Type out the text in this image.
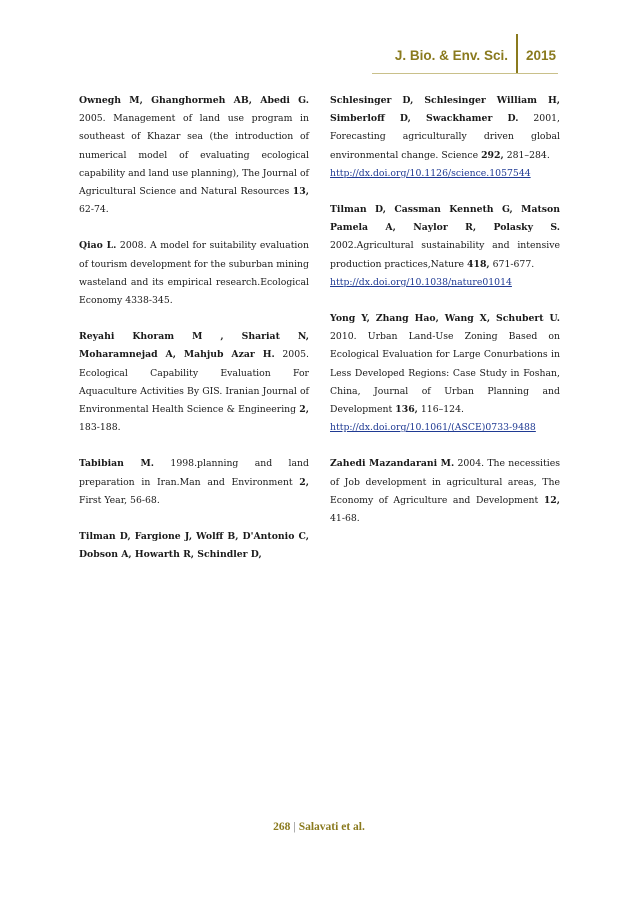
J. Bio. & Env. Sci.	2015

Ownegh M, Ghanghormeh AB, Abedi G. 2005. Management of land use program in southeast of Khazar sea (the introduction of numerical model of evaluating ecological capability and land use planning), The Journal of Agricultural Science and Natural Resources 13, 62-74.

Qiao L. 2008. A model for suitability evaluation of tourism development for the suburban mining wasteland and its empirical research.Ecological Economy 4338-345.

Reyahi Khoram M , Shariat N, Moharamnejad A, Mahjub Azar H. 2005. Ecological Capability Evaluation For Aquaculture Activities By GIS. Iranian Journal of Environmental Health Science & Engineering 2, 183-188.

Tabibian M. 1998.planning and land preparation in Iran.Man and Environment 2, First Year, 56-68.

Tilman D, Fargione J, Wolff B, D'Antonio C, Dobson A, Howarth R, Schindler D,

Schlesinger D, Schlesinger William H, Simberloff D, Swackhamer D. 2001, Forecasting agriculturally driven global environmental change. Science 292, 281–284.
http://dx.doi.org/10.1126/science.1057544

Tilman D, Cassman Kenneth G, Matson Pamela A, Naylor R, Polasky S. 2002.Agricultural sustainability and intensive production practices,Nature 418, 671-677.
http://dx.doi.org/10.1038/nature01014

Yong Y, Zhang Hao, Wang X, Schubert U. 2010. Urban Land-Use Zoning Based on Ecological Evaluation for Large Conurbations in Less Developed Regions: Case Study in Foshan, China, Journal of Urban Planning and Development 136, 116–124.
http://dx.doi.org/10.1061/(ASCE)0733-9488

Zahedi Mazandarani M. 2004. The necessities of Job development in agricultural areas, The Economy of Agriculture and Development 12, 41-68.

268 | Salavati et al.
